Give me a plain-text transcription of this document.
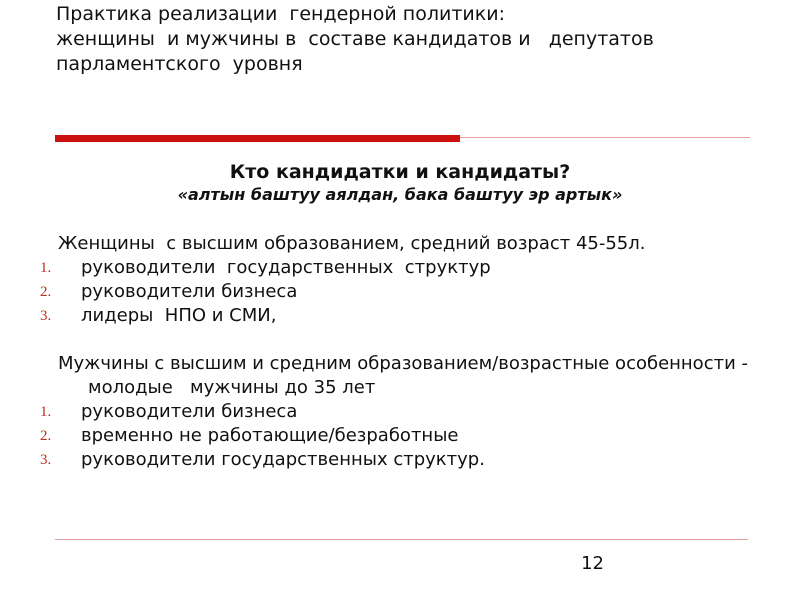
Практика реализации  гендерной политики:
женщины  и мужчины в  составе кандидатов и   депутатов
парламентского  уровня
Кто кандидатки и кандидаты?

«алтын баштуу аялдан, бака баштуу эр артык»

Женщины  с высшим образованием, средний возраст 45-55л.

1. руководители  государственных  структур
2. руководители бизнеса
3. лидеры  НПО и СМИ,

Мужчины с высшим и средним образованием/возрастные особенности -  молодые   мужчины до 35 лет

1. руководители бизнеса
2. временно не работающие/безработные
3. руководители государственных структур.

12
